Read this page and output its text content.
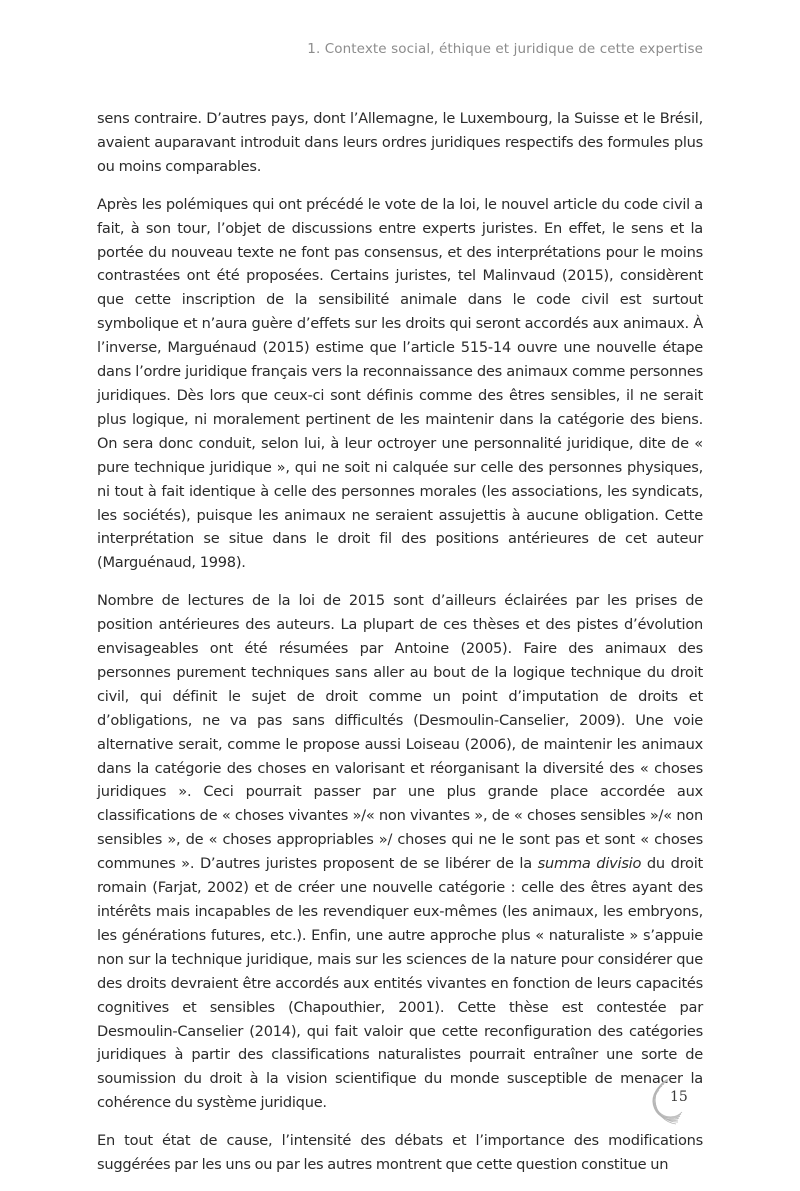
1. Contexte social, éthique et juridique de cette expertise

sens contraire. D’autres pays, dont l’Allemagne, le Luxembourg, la Suisse et le Brésil, avaient auparavant introduit dans leurs ordres juridiques respectifs des formules plus ou moins comparables.

Après les polémiques qui ont précédé le vote de la loi, le nouvel article du code civil a fait, à son tour, l’objet de discussions entre experts juristes. En effet, le sens et la portée du nouveau texte ne font pas consensus, et des interprétations pour le moins contrastées ont été proposées. Certains juristes, tel Malinvaud (2015), considèrent que cette inscription de la sensibilité animale dans le code civil est surtout symbolique et n’aura guère d’effets sur les droits qui seront accordés aux animaux. À l’inverse, Marguénaud (2015) estime que l’article 515-14 ouvre une nouvelle étape dans l’ordre juridique français vers la reconnaissance des animaux comme personnes juridiques. Dès lors que ceux-ci sont définis comme des êtres sensibles, il ne serait plus logique, ni moralement pertinent de les maintenir dans la catégorie des biens. On sera donc conduit, selon lui, à leur octroyer une personnalité juridique, dite de « pure technique juridique », qui ne soit ni calquée sur celle des personnes physiques, ni tout à fait identique à celle des personnes morales (les associations, les syndicats, les sociétés), puisque les animaux ne seraient assujettis à aucune obligation. Cette interprétation se situe dans le droit fil des positions antérieures de cet auteur (Marguénaud, 1998).

Nombre de lectures de la loi de 2015 sont d’ailleurs éclairées par les prises de position antérieures des auteurs. La plupart de ces thèses et des pistes d’évolution envisageables ont été résumées par Antoine (2005). Faire des animaux des personnes purement techniques sans aller au bout de la logique technique du droit civil, qui définit le sujet de droit comme un point d’imputation de droits et d’obligations, ne va pas sans difficultés (Desmoulin-Canselier, 2009). Une voie alternative serait, comme le propose aussi Loiseau (2006), de maintenir les animaux dans la catégorie des choses en valorisant et réorganisant la diversité des « choses juridiques ». Ceci pourrait passer par une plus grande place accordée aux classifications de « choses vivantes »/« non vivantes », de « choses sensibles »/« non sensibles », de « choses appropriables »/ choses qui ne le sont pas et sont « choses communes ». D’autres juristes proposent de se libérer de la summa divisio du droit romain (Farjat, 2002) et de créer une nouvelle catégorie : celle des êtres ayant des intérêts mais incapables de les revendiquer eux-mêmes (les animaux, les embryons, les générations futures, etc.). Enfin, une autre approche plus « naturaliste » s’appuie non sur la technique juridique, mais sur les sciences de la nature pour considérer que des droits devraient être accordés aux entités vivantes en fonction de leurs capacités cognitives et sensibles (Chapouthier, 2001). Cette thèse est contestée par Desmoulin-Canselier (2014), qui fait valoir que cette reconfiguration des catégories juridiques à partir des classifications naturalistes pourrait entraîner une sorte de soumission du droit à la vision scientifique du monde susceptible de menacer la cohérence du système juridique.

En tout état de cause, l’intensité des débats et l’importance des modifications suggérées par les uns ou par les autres montrent que cette question constitue un

15
